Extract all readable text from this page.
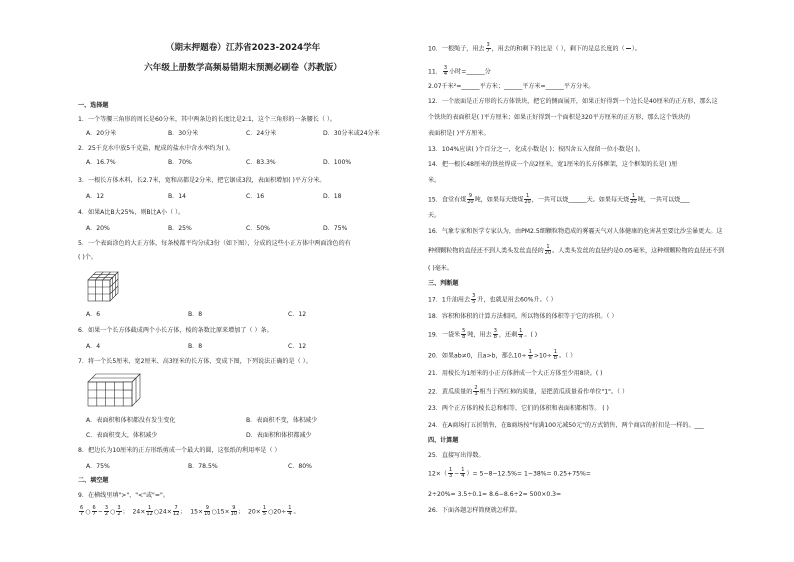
（期末押题卷）江苏省2023-2024学年
六年级上册数学高频易错期末预测必刷卷（苏教版）
一、选择题
1．一个等腰三角形的周长是60分米，其中两条边的长度比是2:1，这个三角形的一条腰长（ ）。
A．20分米	B．30分米	C．24分米	D．30分米或24分米
2．25千克水中放5千克盐，配成的盐水中含水率约为( )。
A．16.7%	B．70%	C．83.3%	D．100%
3．一根长方体木料，长2.7米，宽和高都是2分米，把它锯成3段，表面积增加( )平方分米。
A．12	B．14	C．16	D．18
4．如果A比B大25%，则B比A小（ ）。
A．20%	B．25%	C．50%	D．75%
5．一个表面涂色的大正方体，每条棱都平均分成3份（如下图），分成的这些小正方体中两面涂色的有
( )个。
A．6	B．8	C．12
6．如果一个长方体截成两个小长方体，棱的条数比原来增加了（ ）条。
A．4	B．8	C．12
7．将一个长5厘米、宽2厘米、高3厘米的长方体，变成下图，下列说法正确的是（ ）。
A．表面积和体积都没有发生变化	B．表面积不变，体积减少
C．表面积变大，体积减少	D．表面积和体积都减少
8．把边长为10厘米的正方形纸剪成一个最大的圆，这张纸的利用率是（ ）
A．75%	B．78.5%	C．80%
二、填空题
9．在横线里填">"、"<"或"="。
$\frac{6}{7}$ ○ $\frac{6}{7} - \frac{3}{2}$ ○ $\frac{3}{2}$ ；  $24\times \frac{1}{12}$ ○24× $\frac{7}{12}$ ；  $15\times \frac{9}{10}$ ○15× $\frac{9}{10}$ ；  $20\times \frac{1}{5}$ ○20÷ $\frac{1}{4}$ 。
10．一根绳子，用去 $\frac{3}{7}$ ，用去的和剩下的比是（ ），剩下的是总长度的（

）。
11． $\frac{3}{4}$ 小时=______分
2.07千米²=______平方米；______平方米=______平方分米。
12．一个底面是正方形的长方体铁块，把它的侧面展开，如果正好得到一个边长是40厘米的正方形，那么这
个铁块的表面积是( )平方厘米；如果正好得到一个面积是320平方厘米的正方形，那么这个铁块的
表面积是( )平方厘米。
13．104%应读( )个百分之一，化成小数是( )；按四舍五入保留一位小数是( )。
14．把一根长48厘米的铁丝焊成一个高2厘米，宽1厘米的长方体框架，这个框架的长是( )厘
米。
15．食堂有煤 $\frac{9}{20}$ 吨，如果每天烧煤 $\frac{1}{20}$ ，一共可以烧______天。如果每天烧 $\frac{1}{20}$ 吨，一共可以烧___
天。
16．气象专家和医学专家认为，由PM2.5细颗粒物造成的雾霾天气对人体健康的危害甚至要比沙尘暴更大。这
种细颗粒物的直径还不到人类头发丝直径的 $\frac{1}{20}$ 。人类头发丝的直径约是0.05毫米，这种细颗粒物的直径还不到
( )毫米。
三、判断题
17．1升油用去 $\frac{3}{5}$ 升，也就是用去60%升。（ ）
18．容积和体积的计算方法相同，所以物体的体积等于它的容积。（ ）
19．一袋米 $\frac{5}{8}$ 吨，用去 $\frac{3}{8}$ ，还剩 $\frac{1}{4}$ 。( )
20．如果ab≠0，且a>b，那么$10\div \frac{1}{a} >10\div \frac{1}{b}$ 。（ ）
21．用棱长为1厘米的小正方体拼成一个大正方体至少用8块。( )
22．黄瓜质量的 $\frac{2}{3}$ 相当于西红柿的质量，是把黄瓜质量看作单位"1"。（ ）
23．两个正方体的棱长总和相等，它们的体积和表面积都相等。 ( )
24．在A商场打五折销售，在B商场按"每满100元减50元"的方式销售，两个商店的折扣是一样的。___
四、计算题
25．直接写出得数。
$12\times( \frac{1}{3} - \frac{1}{4}$ ）= 5−8−12.5%= 1−38%= 0.25+75%=
2÷20%= 3.5÷0.1= 8.6−8.6÷2= 500×0.3=
26．下面各题怎样简便就怎样算。
